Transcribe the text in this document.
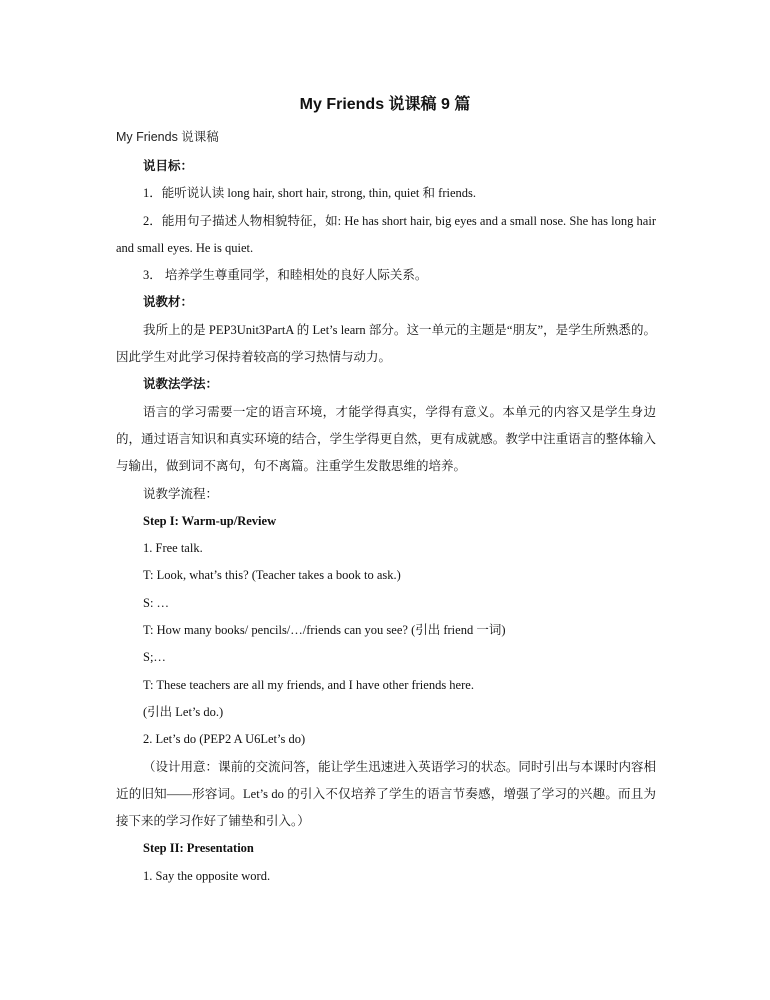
My Friends 说课稿 9 篇
My Friends 说课稿

说目标：

1．能听说认读 long hair, short hair, strong, thin, quiet 和 friends.

2．能用句子描述人物相貌特征，如: He has short hair, big eyes and a small nose. She has long hair and small eyes. He is quiet.

3． 培养学生尊重同学，和睦相处的良好人际关系。

说教材：

我所上的是 PEP3Unit3PartA 的 Let’s learn 部分。这一单元的主题是“朋友”，是学生所熟悉的。因此学生对此学习保持着较高的学习热情与动力。

说教法学法：

语言的学习需要一定的语言环境，才能学得真实，学得有意义。本单元的内容又是学生身边的，通过语言知识和真实环境的结合，学生学得更自然，更有成就感。教学中注重语言的整体输入与输出，做到词不离句，句不离篇。注重学生发散思维的培养。

说教学流程：

Step I: Warm-up/Review

1. Free talk.

T: Look, what’s this? (Teacher takes a book to ask.)

S: …

T: How many books/ pencils/…/friends can you see? (引出 friend 一词)

S;…

T: These teachers are all my friends, and I have other friends here.

(引出 Let’s do.)

2. Let’s do (PEP2 A U6Let’s do)

（设计用意：课前的交流问答，能让学生迅速进入英语学习的状态。同时引出与本课时内容相近的旧知——形容词。Let’s do 的引入不仅培养了学生的语言节奏感，增强了学习的兴趣。而且为接下来的学习作好了铺垫和引入。）

Step II: Presentation

1. Say the opposite word.
